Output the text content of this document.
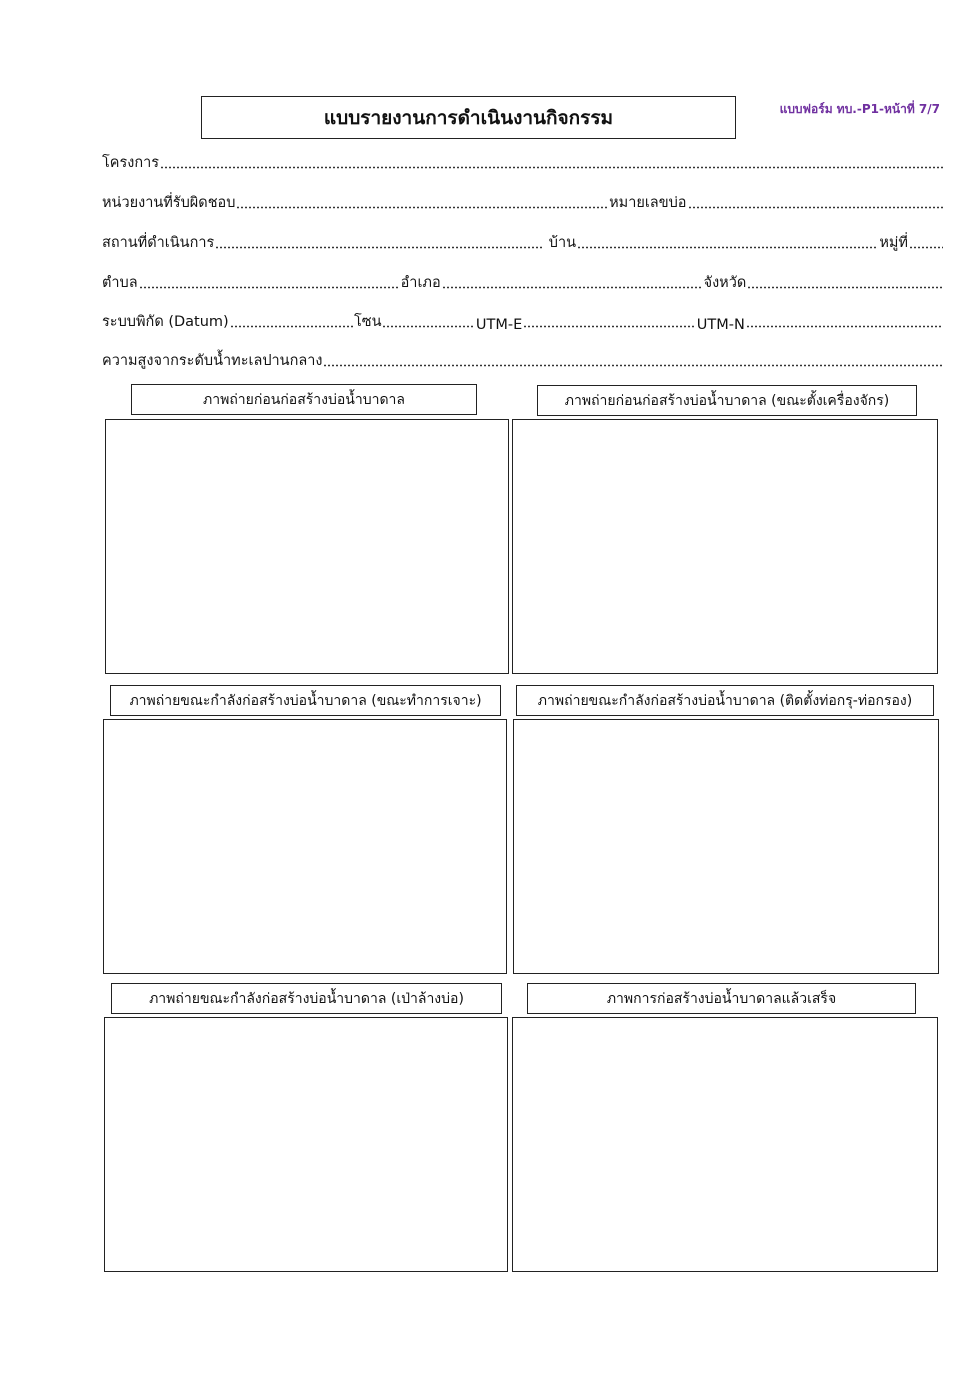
แบบรายงานการดำเนินงานกิจกรรม	แบบฟอร์ม ทบ.-P1-หน้าที่ 7/7
โครงการ
หน่วยงานที่รับผิดชอบ	หมายเลขบ่อ
สถานที่ดำเนินการ	บ้าน	หมู่ที่
ตำบล	อำเภอ	จังหวัด
ระบบพิกัด (Datum)	โซน	UTM-E	UTM-N
ความสูงจากระดับน้ำทะเลปานกลาง
ภาพถ่ายก่อนก่อสร้างบ่อน้ำบาดาล	ภาพถ่ายก่อนก่อสร้างบ่อน้ำบาดาล (ขณะตั้งเครื่องจักร)
ภาพถ่ายขณะกำลังก่อสร้างบ่อน้ำบาดาล (ขณะทำการเจาะ)	ภาพถ่ายขณะกำลังก่อสร้างบ่อน้ำบาดาล (ติดตั้งท่อกรุ-ท่อกรอง)
ภาพถ่ายขณะกำลังก่อสร้างบ่อน้ำบาดาล (เป่าล้างบ่อ)	ภาพการก่อสร้างบ่อน้ำบาดาลแล้วเสร็จ
